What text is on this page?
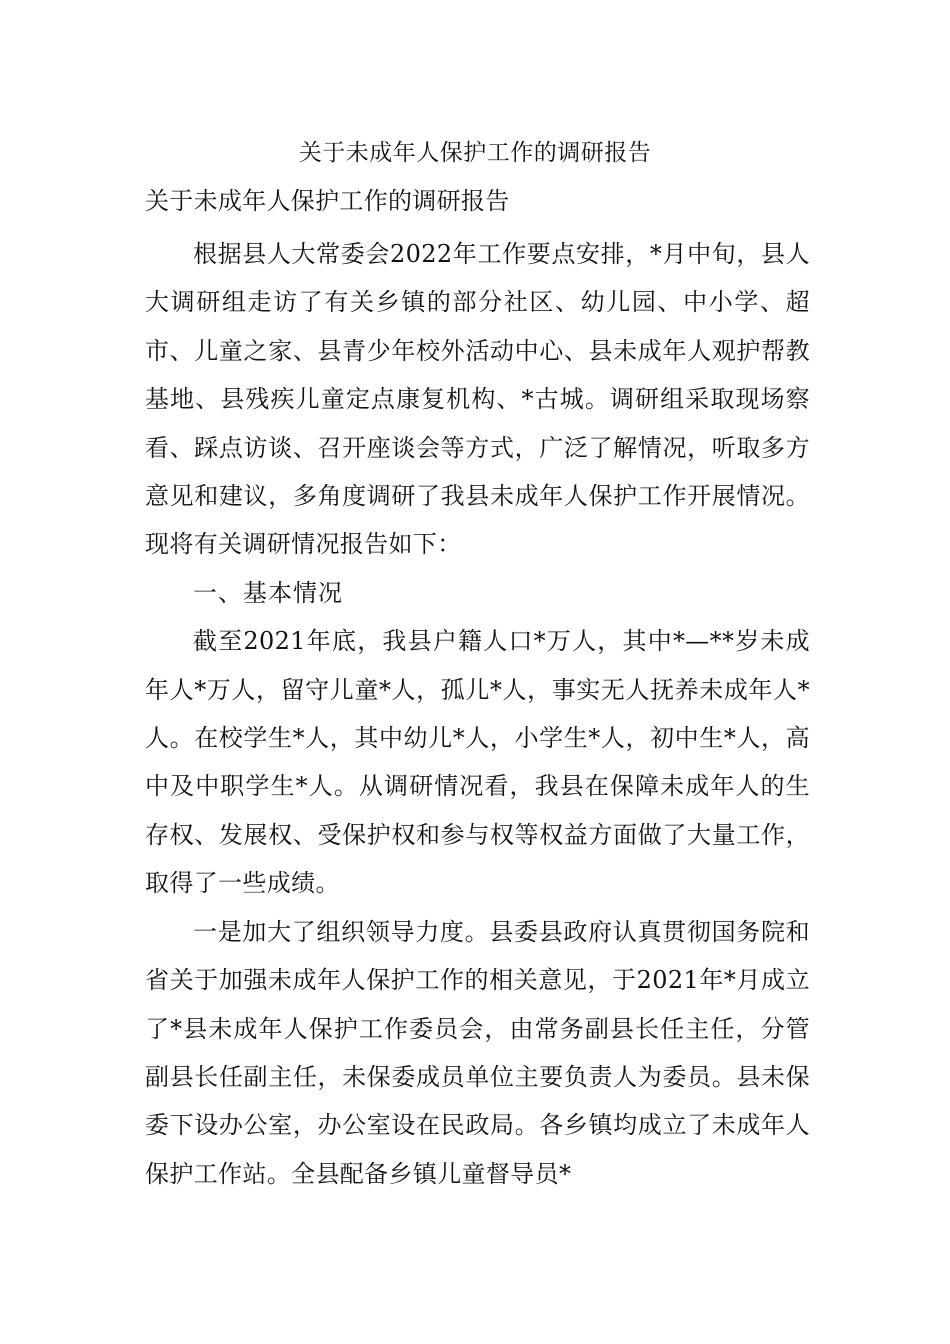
关于未成年人保护工作的调研报告
关于未成年人保护工作的调研报告

根据县人大常委会2022年工作要点安排，*月中旬，县人大调研组走访了有关乡镇的部分社区、幼儿园、中小学、超市、儿童之家、县青少年校外活动中心、县未成年人观护帮教基地、县残疾儿童定点康复机构、*古城。调研组采取现场察看、踩点访谈、召开座谈会等方式，广泛了解情况，听取多方意见和建议，多角度调研了我县未成年人保护工作开展情况。现将有关调研情况报告如下：

一、基本情况

截至2021年底，我县户籍人口*万人，其中*—**岁未成年人*万人，留守儿童*人，孤儿*人，事实无人抚养未成年人*人。在校学生*人，其中幼儿*人，小学生*人，初中生*人，高中及中职学生*人。从调研情况看，我县在保障未成年人的生存权、发展权、受保护权和参与权等权益方面做了大量工作，取得了一些成绩。

一是加大了组织领导力度。县委县政府认真贯彻国务院和省关于加强未成年人保护工作的相关意见，于2021年*月成立了*县未成年人保护工作委员会，由常务副县长任主任，分管副县长任副主任，未保委成员单位主要负责人为委员。县未保委下设办公室，办公室设在民政局。各乡镇均成立了未成年人保护工作站。全县配备乡镇儿童督导员*
